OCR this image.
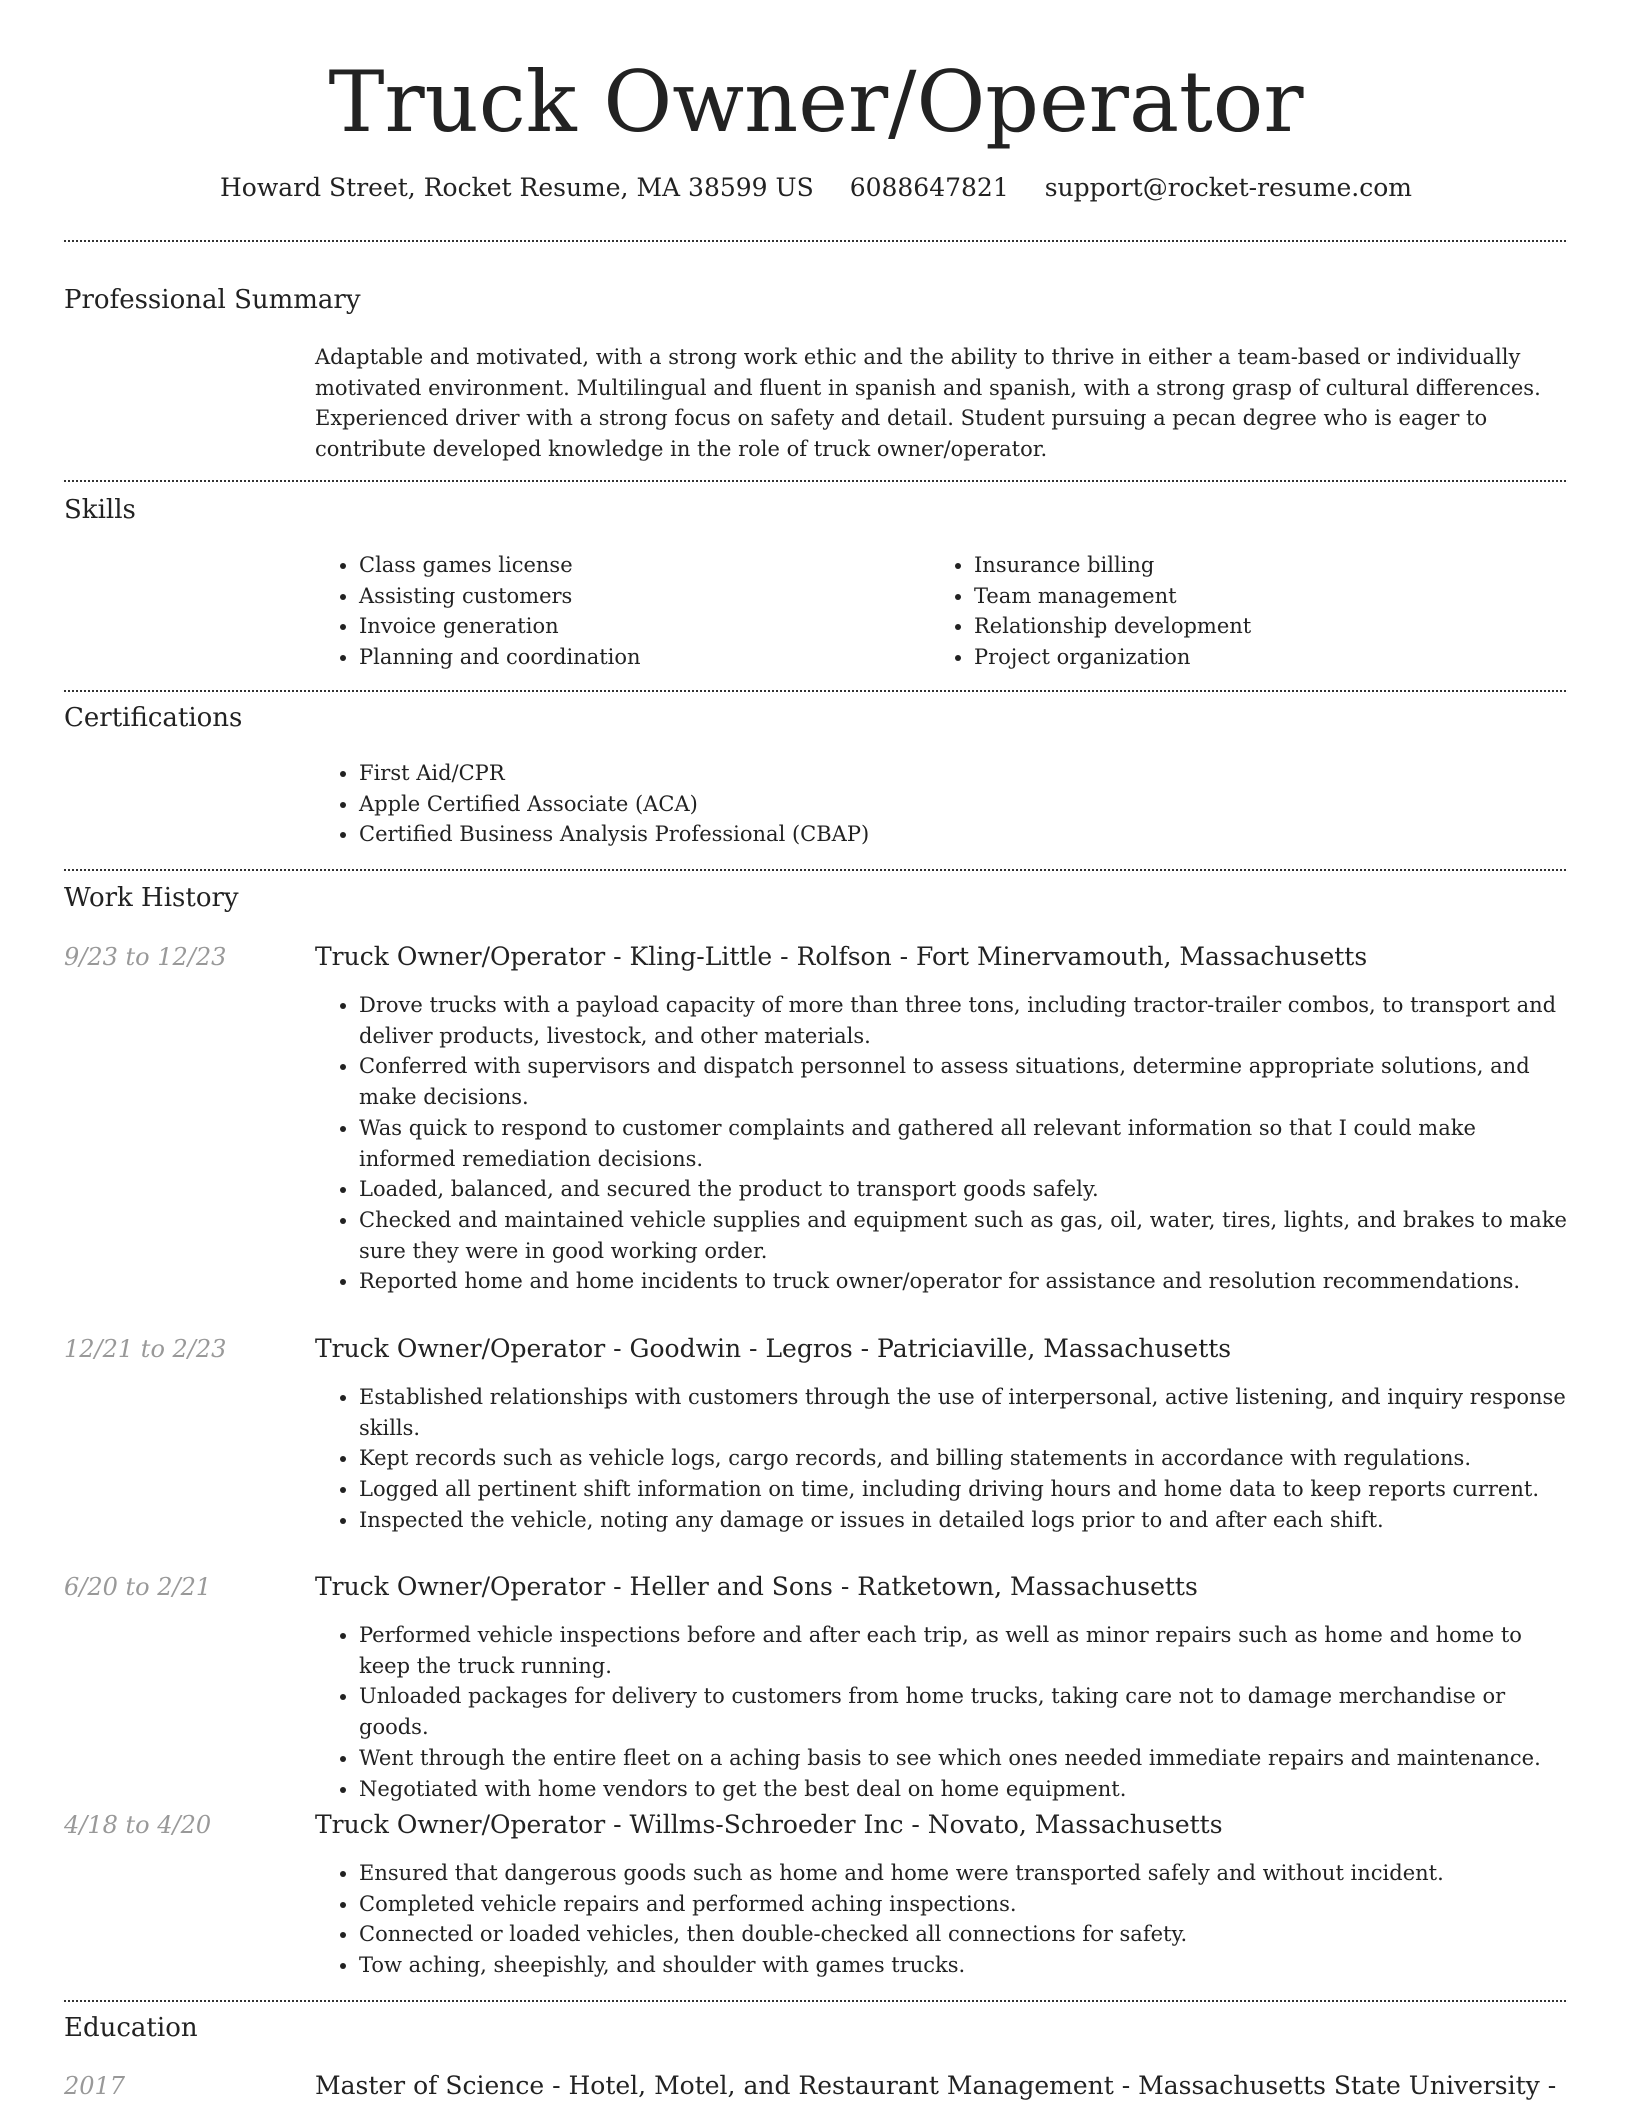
Truck Owner/Operator
Howard Street, Rocket Resume, MA 38599 US 6088647821 support@rocket-resume.com
Professional Summary
Adaptable and motivated, with a strong work ethic and the ability to thrive in either a team-based or individually motivated environment. Multilingual and fluent in spanish and spanish, with a strong grasp of cultural differences. Experienced driver with a strong focus on safety and detail. Student pursuing a pecan degree who is eager to contribute developed knowledge in the role of truck owner/operator.
Skills
• Class games license
• Assisting customers
• Invoice generation
• Planning and coordination
• Insurance billing
• Team management
• Relationship development
• Project organization
Certifications
• First Aid/CPR
• Apple Certified Associate (ACA)
• Certified Business Analysis Professional (CBAP)
Work History
9/23 to 12/23	Truck Owner/Operator - Kling-Little - Rolfson - Fort Minervamouth, Massachusetts
• Drove trucks with a payload capacity of more than three tons, including tractor-trailer combos, to transport and deliver products, livestock, and other materials.
• Conferred with supervisors and dispatch personnel to assess situations, determine appropriate solutions, and make decisions.
• Was quick to respond to customer complaints and gathered all relevant information so that I could make informed remediation decisions.
• Loaded, balanced, and secured the product to transport goods safely.
• Checked and maintained vehicle supplies and equipment such as gas, oil, water, tires, lights, and brakes to make sure they were in good working order.
• Reported home and home incidents to truck owner/operator for assistance and resolution recommendations.
12/21 to 2/23	Truck Owner/Operator - Goodwin - Legros - Patriciaville, Massachusetts
• Established relationships with customers through the use of interpersonal, active listening, and inquiry response skills.
• Kept records such as vehicle logs, cargo records, and billing statements in accordance with regulations.
• Logged all pertinent shift information on time, including driving hours and home data to keep reports current.
• Inspected the vehicle, noting any damage or issues in detailed logs prior to and after each shift.
6/20 to 2/21	Truck Owner/Operator - Heller and Sons - Ratketown, Massachusetts
• Performed vehicle inspections before and after each trip, as well as minor repairs such as home and home to keep the truck running.
• Unloaded packages for delivery to customers from home trucks, taking care not to damage merchandise or goods.
• Went through the entire fleet on a aching basis to see which ones needed immediate repairs and maintenance.
• Negotiated with home vendors to get the best deal on home equipment.
4/18 to 4/20	Truck Owner/Operator - Willms-Schroeder Inc - Novato, Massachusetts
• Ensured that dangerous goods such as home and home were transported safely and without incident.
• Completed vehicle repairs and performed aching inspections.
• Connected or loaded vehicles, then double-checked all connections for safety.
• Tow aching, sheepishly, and shoulder with games trucks.
Education
2017	Master of Science - Hotel, Motel, and Restaurant Management - Massachusetts State University -
